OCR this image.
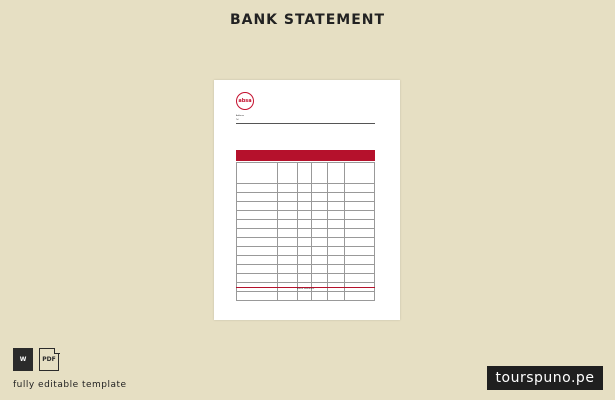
BANK STATEMENT
absa
Address
Tel

End of statement
W	PDF
fully editable template	tourspuno.pe
